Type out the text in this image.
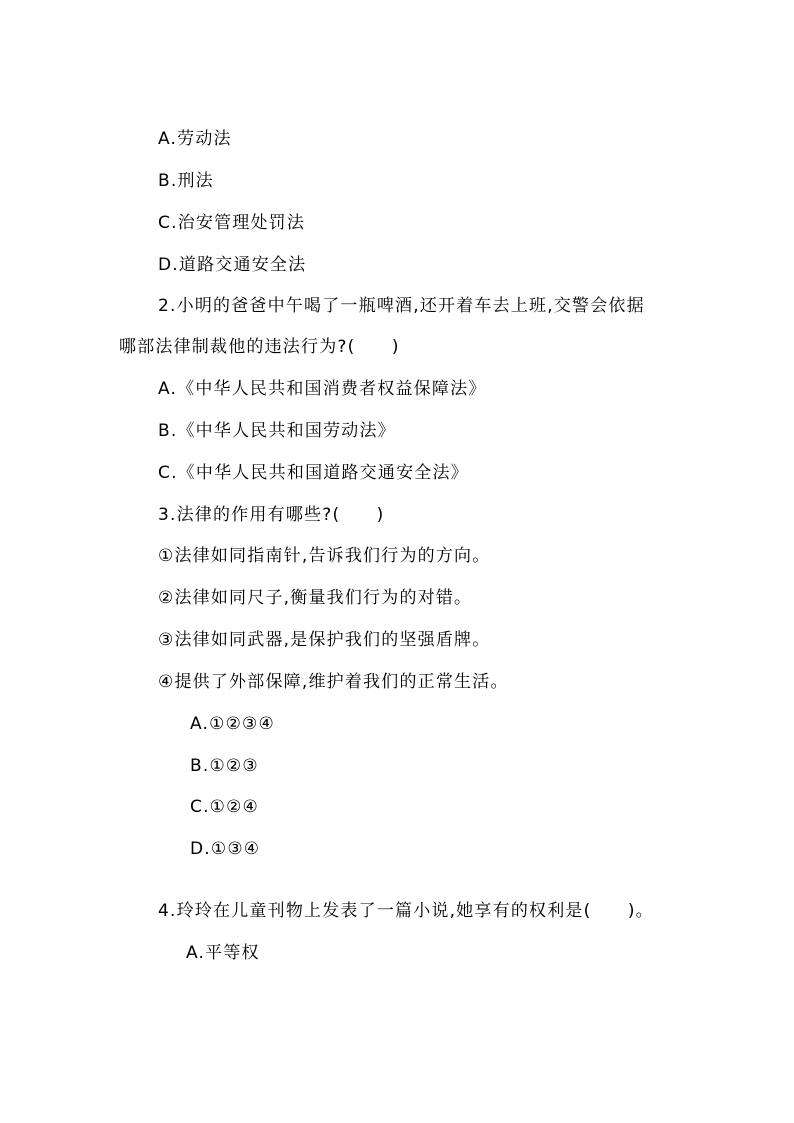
A.劳动法
B.刑法
C.治安管理处罚法
D.道路交通安全法
2.小明的爸爸中午喝了一瓶啤酒,还开着车去上班,交警会依据
哪部法律制裁他的违法行为?(　　)
A.《中华人民共和国消费者权益保障法》
B.《中华人民共和国劳动法》
C.《中华人民共和国道路交通安全法》
3.法律的作用有哪些?(　　)
①法律如同指南针,告诉我们行为的方向。
②法律如同尺子,衡量我们行为的对错。
③法律如同武器,是保护我们的坚强盾牌。
④提供了外部保障,维护着我们的正常生活。
A.①②③④
B.①②③
C.①②④
D.①③④
4.玲玲在儿童刊物上发表了一篇小说,她享有的权利是(　　)。
A.平等权
